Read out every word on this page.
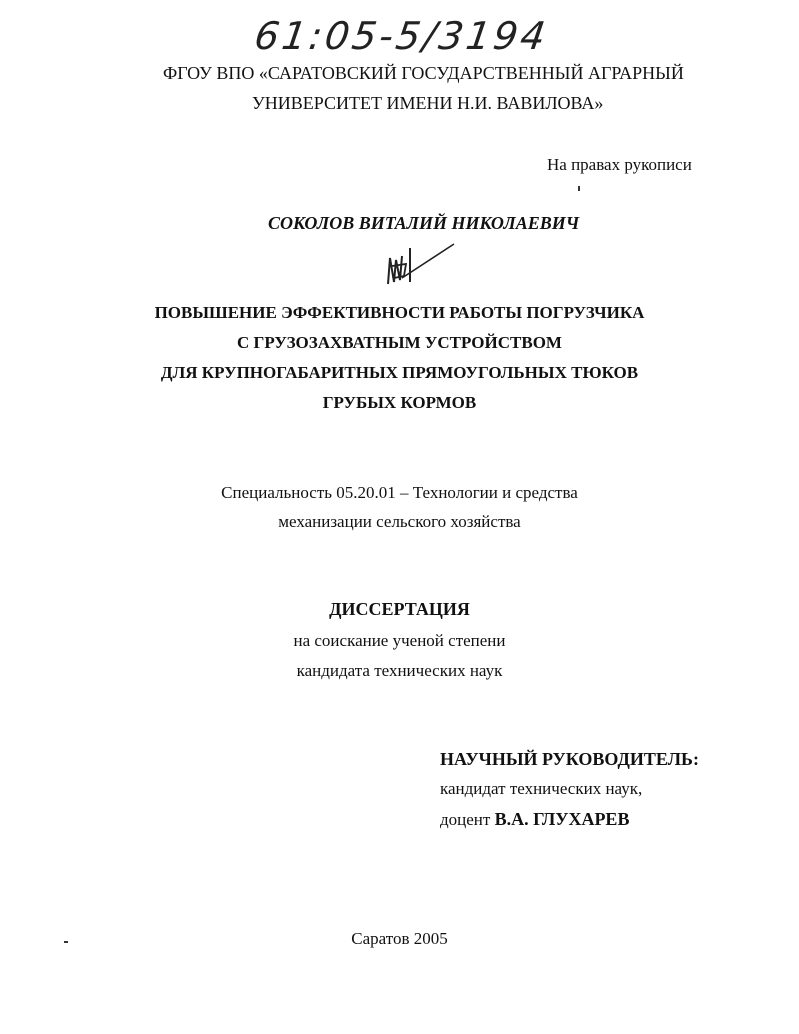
61:05-5/3194
ФГОУ ВПО «САРАТОВСКИЙ ГОСУДАРСТВЕННЫЙ АГРАРНЫЙ
УНИВЕРСИТЕТ ИМЕНИ Н.И. ВАВИЛОВА»
На правах рукописи
СОКОЛОВ ВИТАЛИЙ НИКОЛАЕВИЧ
ПОВЫШЕНИЕ ЭФФЕКТИВНОСТИ РАБОТЫ ПОГРУЗЧИКА
С ГРУЗОЗАХВАТНЫМ УСТРОЙСТВОМ
ДЛЯ КРУПНОГАБАРИТНЫХ ПРЯМОУГОЛЬНЫХ ТЮКОВ
ГРУБЫХ КОРМОВ
Специальность 05.20.01 – Технологии и средства
механизации сельского хозяйства
ДИССЕРТАЦИЯ
на соискание ученой степени
кандидата технических наук
НАУЧНЫЙ РУКОВОДИТЕЛЬ:
кандидат технических наук,
доцент В.А. ГЛУХАРЕВ
Саратов 2005
